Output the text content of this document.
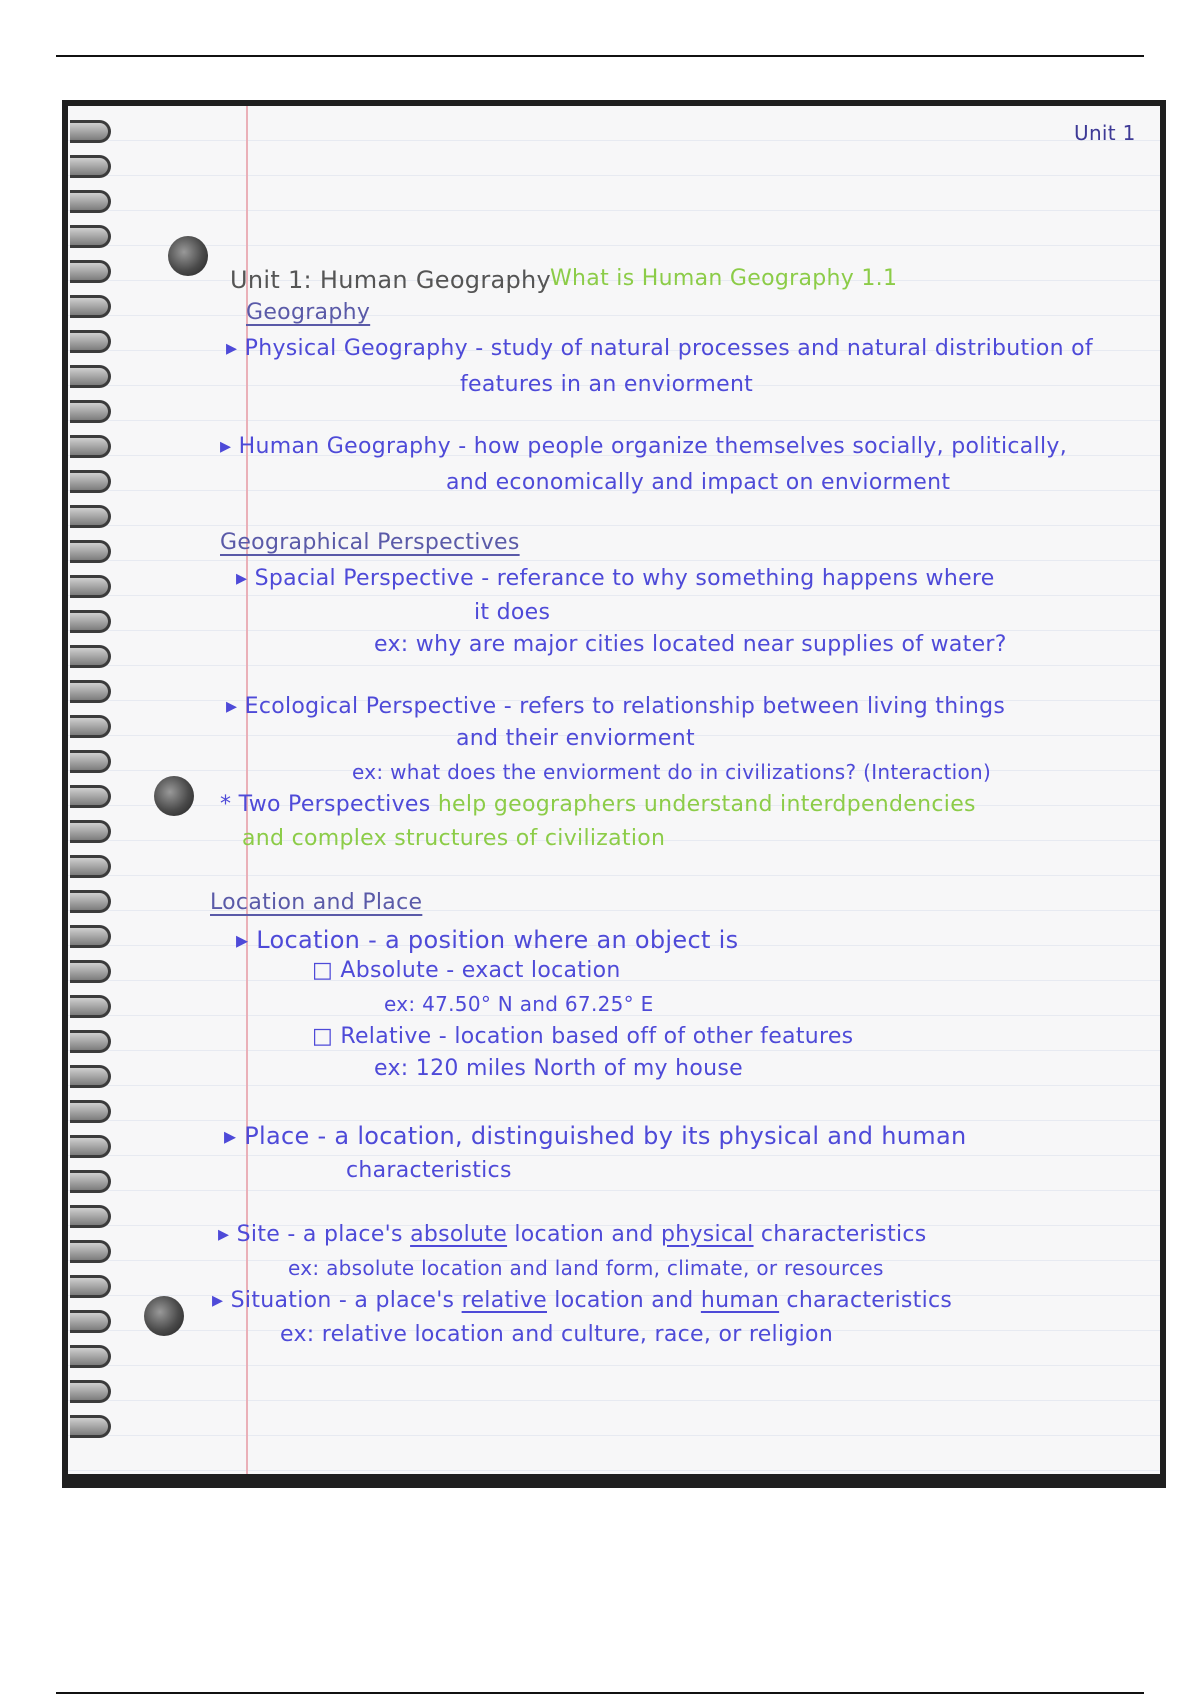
Unit 1
Unit 1: Human Geography
What is Human Geography 1.1
Geography
▸ Physical Geography - study of natural processes and natural distribution of
features in an enviorment
▸ Human Geography - how people organize themselves socially, politically,
and economically and impact on enviorment
Geographical Perspectives
▸ Spacial Perspective - referance to why something happens where
it does
ex: why are major cities located near supplies of water?
▸ Ecological Perspective - refers to relationship between living things
and their enviorment
ex: what does the enviorment do in civilizations? (Interaction)
* Two Perspectives help geographers understand interdpendencies
and complex structures of civilization
Location and Place
▸ Location - a position where an object is
□ Absolute - exact location
ex: 47.50° N and 67.25° E
□ Relative - location based off of other features
ex: 120 miles North of my house
▸ Place - a location, distinguished by its physical and human
characteristics
▸ Site - a place's absolute location and physical characteristics
ex: absolute location and land form, climate, or resources
▸ Situation - a place's relative location and human characteristics
ex: relative location and culture, race, or religion
